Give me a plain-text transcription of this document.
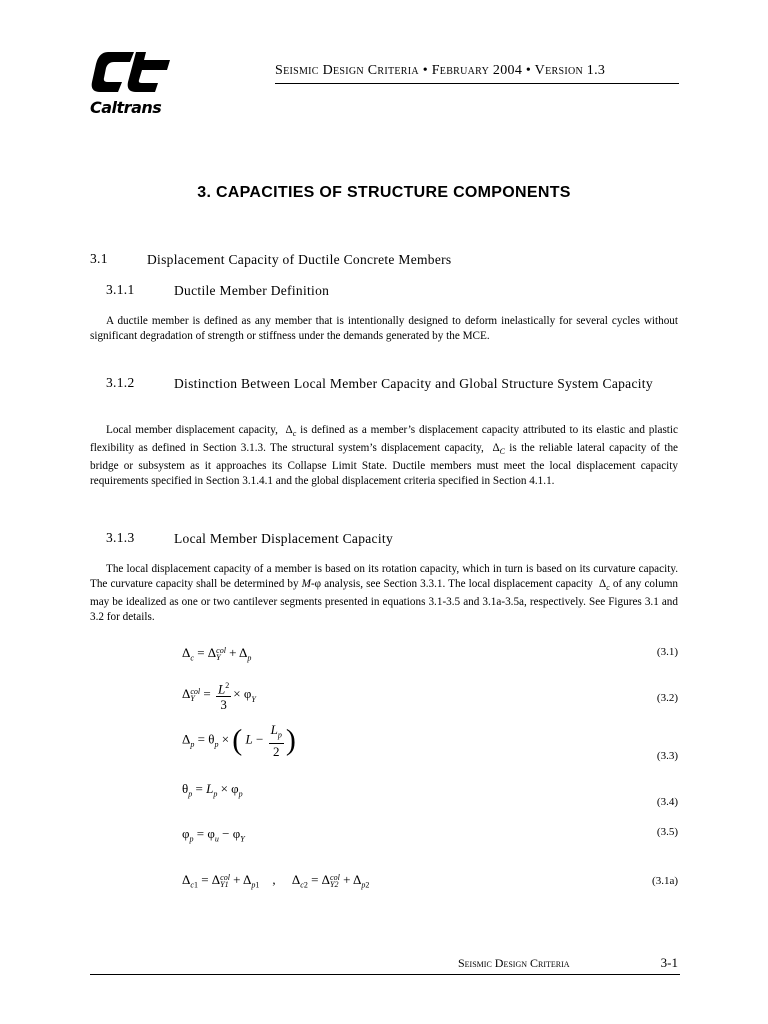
Caltrans
Seismic Design Criteria • February 2004 • Version 1.3
3. CAPACITIES OF STRUCTURE COMPONENTS
3.1	Displacement Capacity of Ductile Concrete Members
3.1.1	Ductile Member Definition

A ductile member is defined as any member that is intentionally designed to deform inelastically for several cycles without significant degradation of strength or stiffness under the demands generated by the MCE.

3.1.2	Distinction Between Local Member Capacity and Global Structure System Capacity

Local member displacement capacity,  $\Delta_c$ is defined as a member’s displacement capacity attributed to its elastic and plastic flexibility as defined in Section 3.1.3. The structural system’s displacement capacity,  $\Delta_C$ is the reliable lateral capacity of the bridge or subsystem as it approaches its Collapse Limit State. Ductile members must meet the local displacement capacity requirements specified in Section 3.1.4.1 and the global displacement criteria specified in Section 4.1.1.

3.1.3	Local Member Displacement Capacity

The local displacement capacity of a member is based on its rotation capacity, which in turn is based on its curvature capacity. The curvature capacity shall be determined by M-φ analysis, see Section 3.3.1. The local displacement capacity  $\Delta_c$ of any column may be idealized as one or two cantilever segments presented in equations 3.1-3.5 and 3.1a-3.5a, respectively. See Figures 3.1 and 3.2 for details.

$\Delta_c = \Delta$ col
$Y + \Delta_p$
(3.1)
Δ col
$Y = \frac{L^2}{3} \times \varphi_Y$	(3.2)
$\Delta_p = \theta_p$ × ( $L - \frac{L_p}{2}$ )	(3.3)
$\theta_p = L_p \times \varphi_p$
(3.4)
$\varphi_p = \varphi_u - \varphi_Y$
(3.5)
$\Delta_{c1} = \Delta$ col
$Y1 + \Delta_{p1}$    ,     $\Delta_{c2} = \Delta$ col
$Y2 + \Delta_{p2}$	(3.1a)
Seismic Design Criteria	3-1
